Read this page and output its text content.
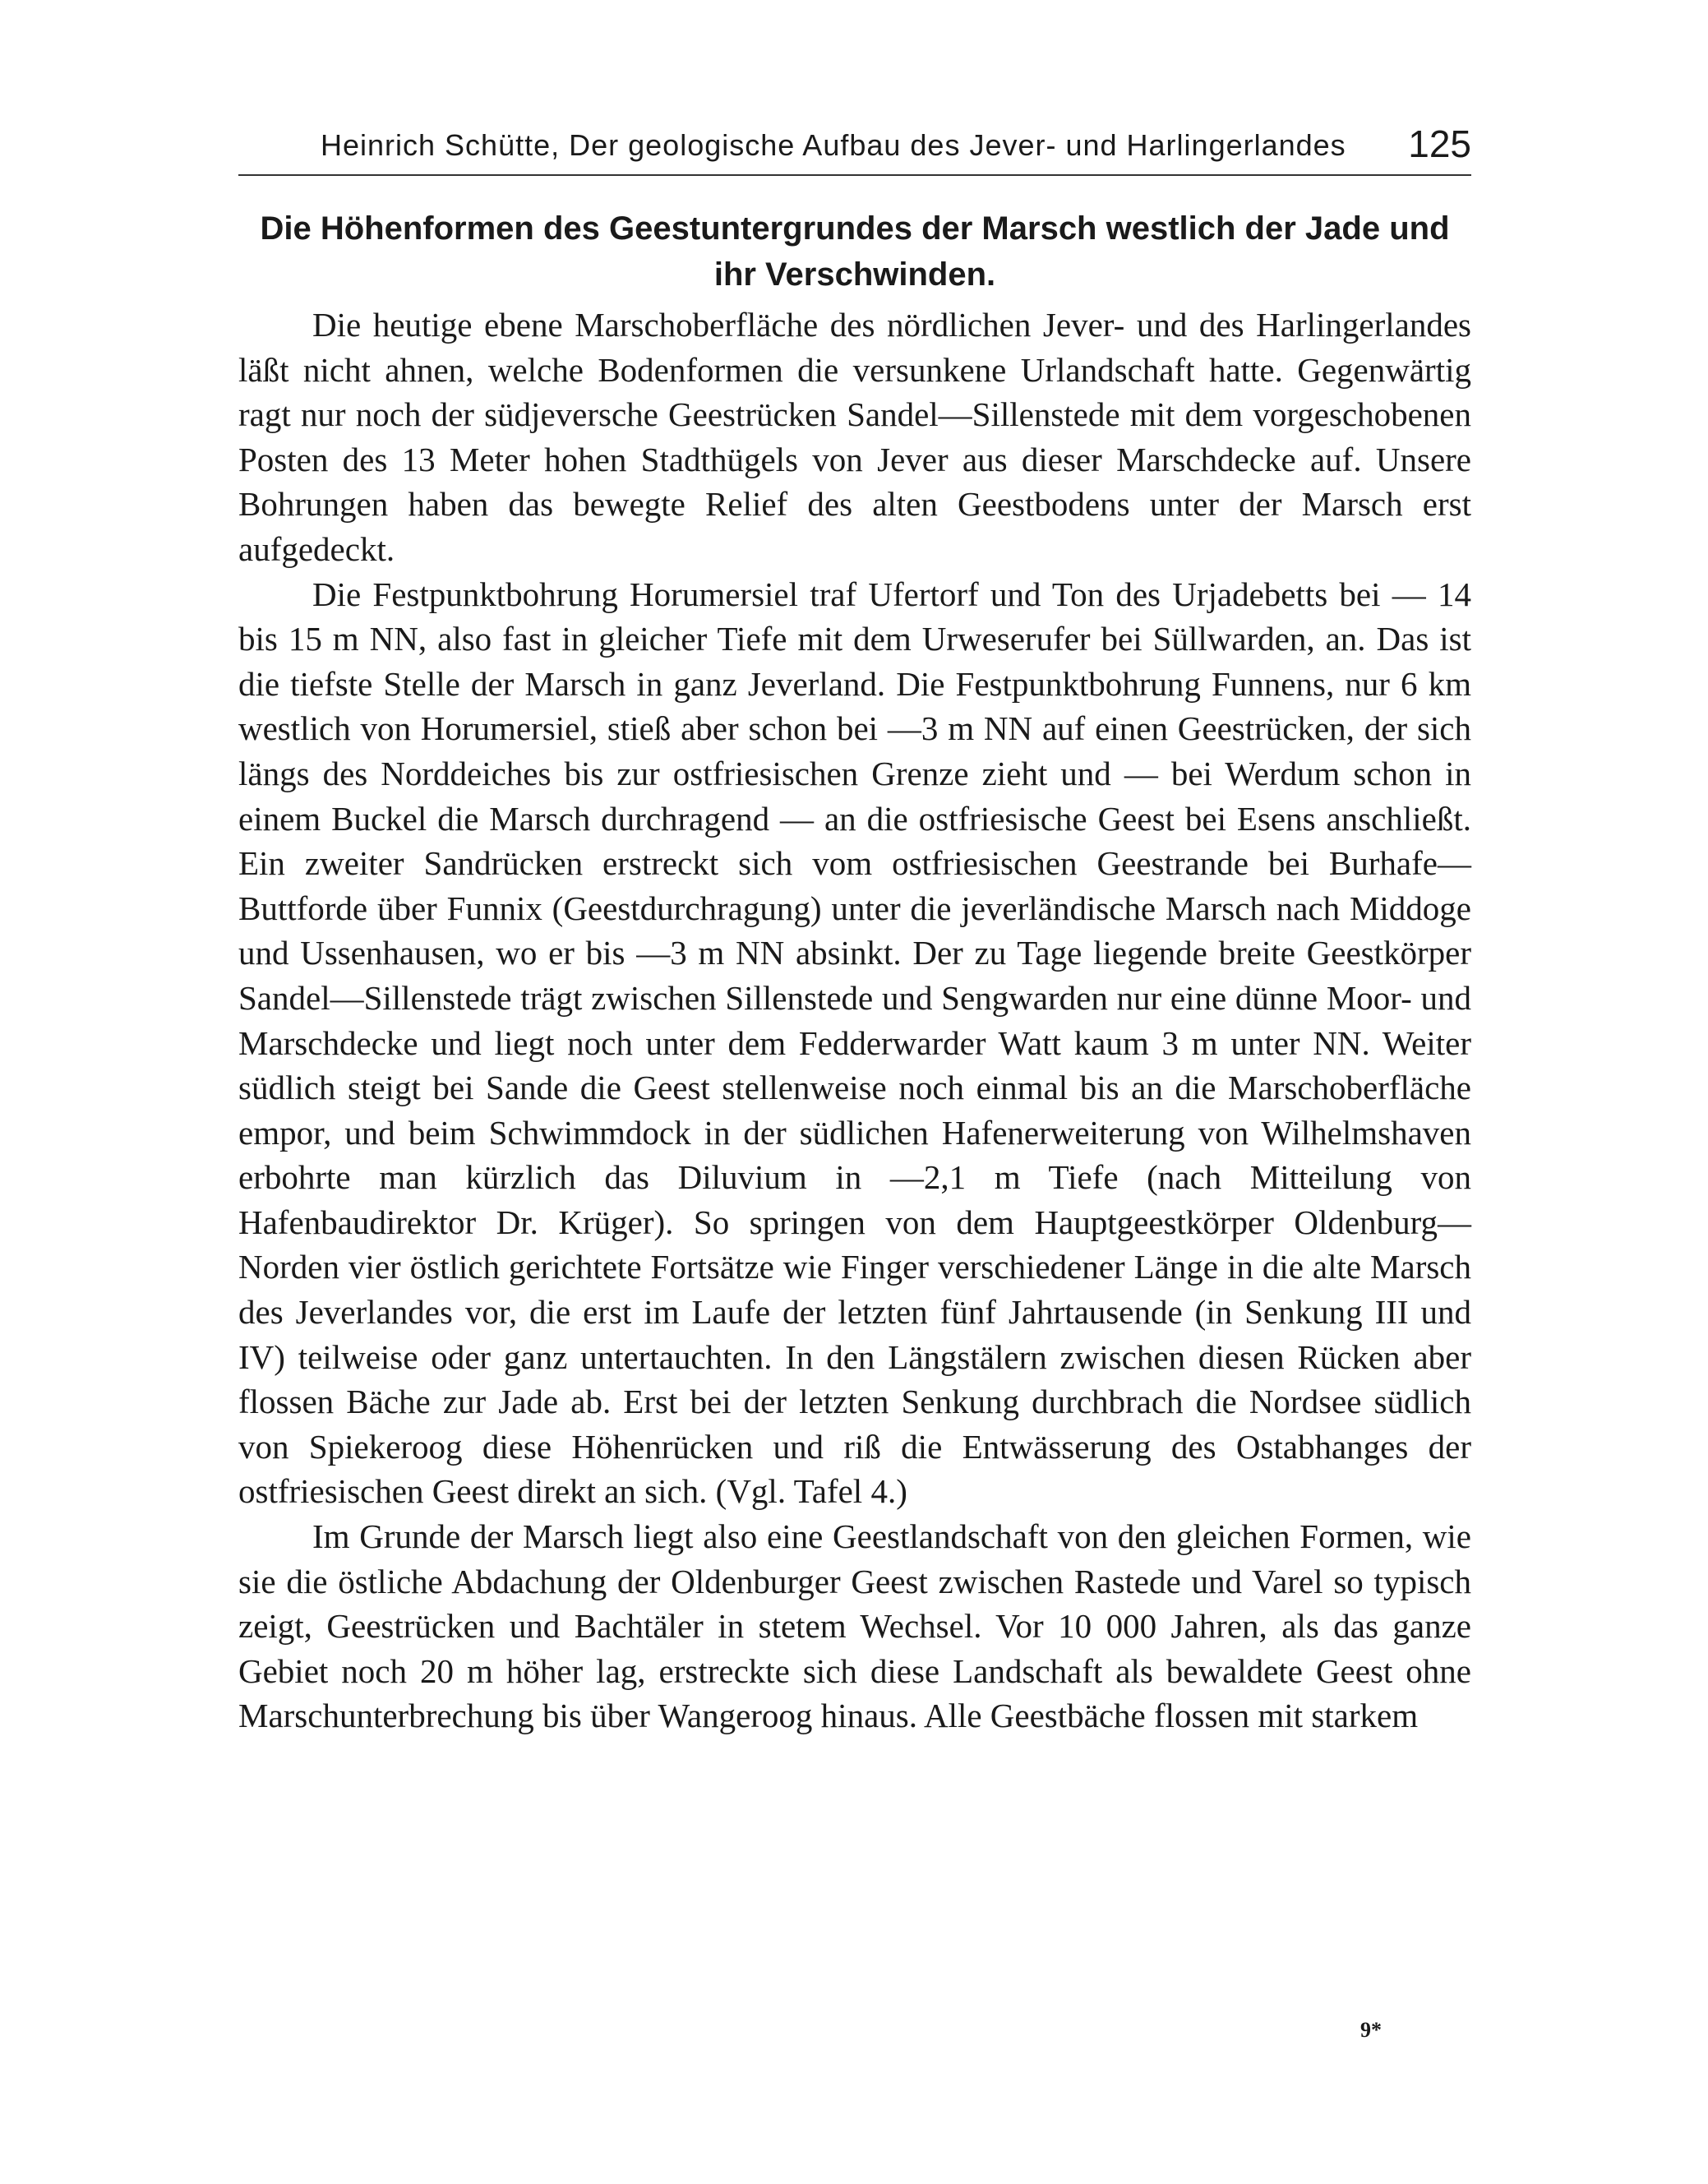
Heinrich Schütte, Der geologische Aufbau des Jever- und Harlingerlandes 125
Die Höhenformen des Geestuntergrundes der Marsch westlich der Jade und ihr Verschwinden.

Die heutige ebene Marschoberfläche des nördlichen Jever- und des Harlingerlandes läßt nicht ahnen, welche Bodenformen die versunkene Urlandschaft hatte. Gegenwärtig ragt nur noch der südjeversche Geestrücken Sandel—Sillenstede mit dem vorgeschobenen Posten des 13 Meter hohen Stadthügels von Jever aus dieser Marschdecke auf. Unsere Bohrungen haben das bewegte Relief des alten Geestbodens unter der Marsch erst aufgedeckt.

Die Festpunktbohrung Horumersiel traf Ufertorf und Ton des Urjadebetts bei — 14 bis 15 m NN, also fast in gleicher Tiefe mit dem Urweserufer bei Süllwarden, an. Das ist die tiefste Stelle der Marsch in ganz Jeverland. Die Festpunktbohrung Funnens, nur 6 km westlich von Horumersiel, stieß aber schon bei —3 m NN auf einen Geestrücken, der sich längs des Norddeiches bis zur ostfriesischen Grenze zieht und — bei Werdum schon in einem Buckel die Marsch durchragend — an die ostfriesische Geest bei Esens anschließt. Ein zweiter Sandrücken erstreckt sich vom ostfriesischen Geestrande bei Burhafe—Buttforde über Funnix (Geestdurchragung) unter die jeverländische Marsch nach Middoge und Ussenhausen, wo er bis —3 m NN absinkt. Der zu Tage liegende breite Geestkörper Sandel—Sillenstede trägt zwischen Sillenstede und Sengwarden nur eine dünne Moor- und Marschdecke und liegt noch unter dem Fedderwarder Watt kaum 3 m unter NN. Weiter südlich steigt bei Sande die Geest stellenweise noch einmal bis an die Marschoberfläche empor, und beim Schwimmdock in der südlichen Hafenerweiterung von Wilhelmshaven erbohrte man kürzlich das Diluvium in —2,1 m Tiefe (nach Mitteilung von Hafenbaudirektor Dr. Krüger). So springen von dem Hauptgeestkörper Oldenburg—Norden vier östlich gerichtete Fortsätze wie Finger verschiedener Länge in die alte Marsch des Jeverlandes vor, die erst im Laufe der letzten fünf Jahrtausende (in Senkung III und IV) teilweise oder ganz untertauchten. In den Längstälern zwischen diesen Rücken aber flossen Bäche zur Jade ab. Erst bei der letzten Senkung durchbrach die Nordsee südlich von Spiekeroog diese Höhenrücken und riß die Entwässerung des Ostabhanges der ostfriesischen Geest direkt an sich. (Vgl. Tafel 4.)

Im Grunde der Marsch liegt also eine Geestlandschaft von den gleichen Formen, wie sie die östliche Abdachung der Oldenburger Geest zwischen Rastede und Varel so typisch zeigt, Geestrücken und Bachtäler in stetem Wechsel. Vor 10 000 Jahren, als das ganze Gebiet noch 20 m höher lag, erstreckte sich diese Landschaft als bewaldete Geest ohne Marschunterbrechung bis über Wangeroog hinaus. Alle Geestbäche flossen mit starkem

9*
